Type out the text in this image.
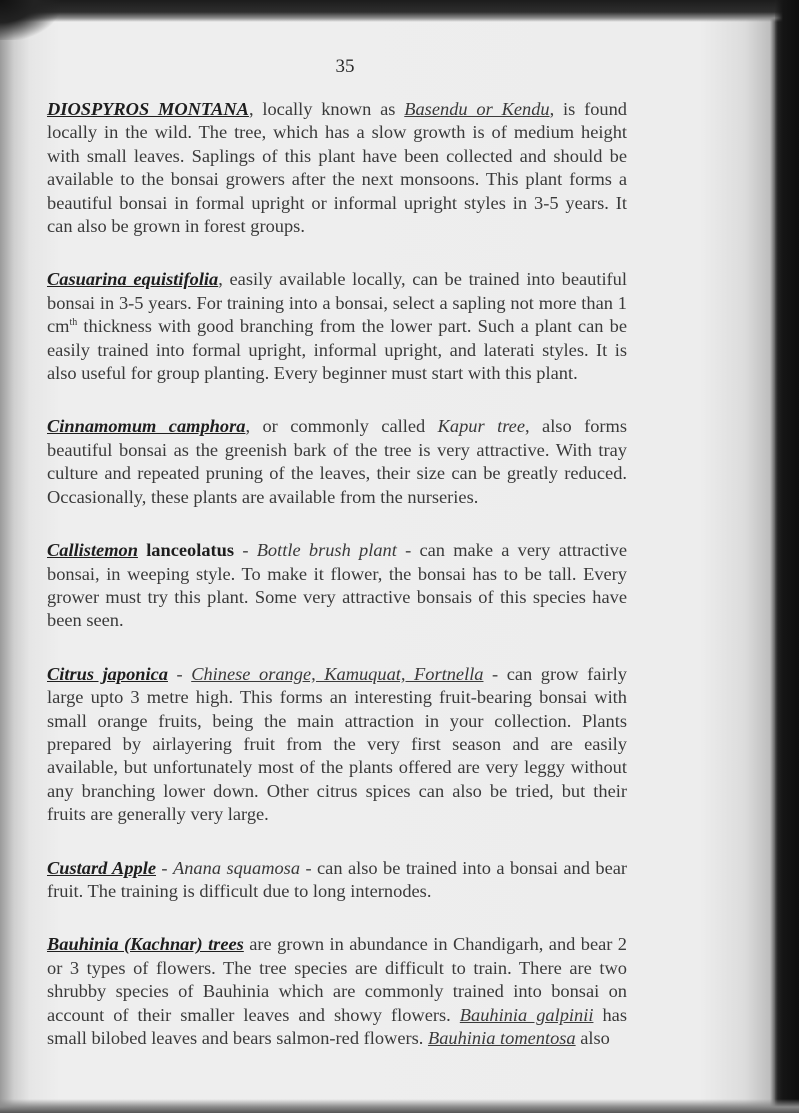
35

DIOSPYROS MONTANA, locally known as Basendu or Kendu, is found locally in the wild. The tree, which has a slow growth is of medium height with small leaves. Saplings of this plant have been collected and should be available to the bonsai growers after the next monsoons. This plant forms a beautiful bonsai in formal upright or informal upright styles in 3-5 years. It can also be grown in forest groups.

Casuarina equistifolia, easily available locally, can be trained into beautiful bonsai in 3-5 years. For training into a bonsai, select a sapling not more than 1 $cm^{th}$ thickness with good branching from the lower part. Such a plant can be easily trained into formal upright, informal upright, and laterati styles. It is also useful for group planting. Every beginner must start with this plant.

Cinnamomum camphora, or commonly called Kapur tree, also forms beautiful bonsai as the greenish bark of the tree is very attractive. With tray culture and repeated pruning of the leaves, their size can be greatly reduced. Occasionally, these plants are available from the nurseries.

Callistemon lanceolatus - Bottle brush plant - can make a very attractive bonsai, in weeping style. To make it flower, the bonsai has to be tall. Every grower must try this plant. Some very attractive bonsais of this species have been seen.

Citrus japonica - Chinese orange, Kamuquat, Fortnella - can grow fairly large upto 3 metre high. This forms an interesting fruit-bearing bonsai with small orange fruits, being the main attraction in your collection. Plants prepared by airlayering fruit from the very first season and are easily available, but unfortunately most of the plants offered are very leggy without any branching lower down. Other citrus spices can also be tried, but their fruits are generally very large.

Custard Apple - Anana squamosa - can also be trained into a bonsai and bear fruit. The training is difficult due to long internodes.

Bauhinia (Kachnar) trees are grown in abundance in Chandigarh, and bear 2 or 3 types of flowers. The tree species are difficult to train. There are two shrubby species of Bauhinia which are commonly trained into bonsai on account of their smaller leaves and showy flowers. Bauhinia galpinii has small bilobed leaves and bears salmon-red flowers. Bauhinia tomentosa also
